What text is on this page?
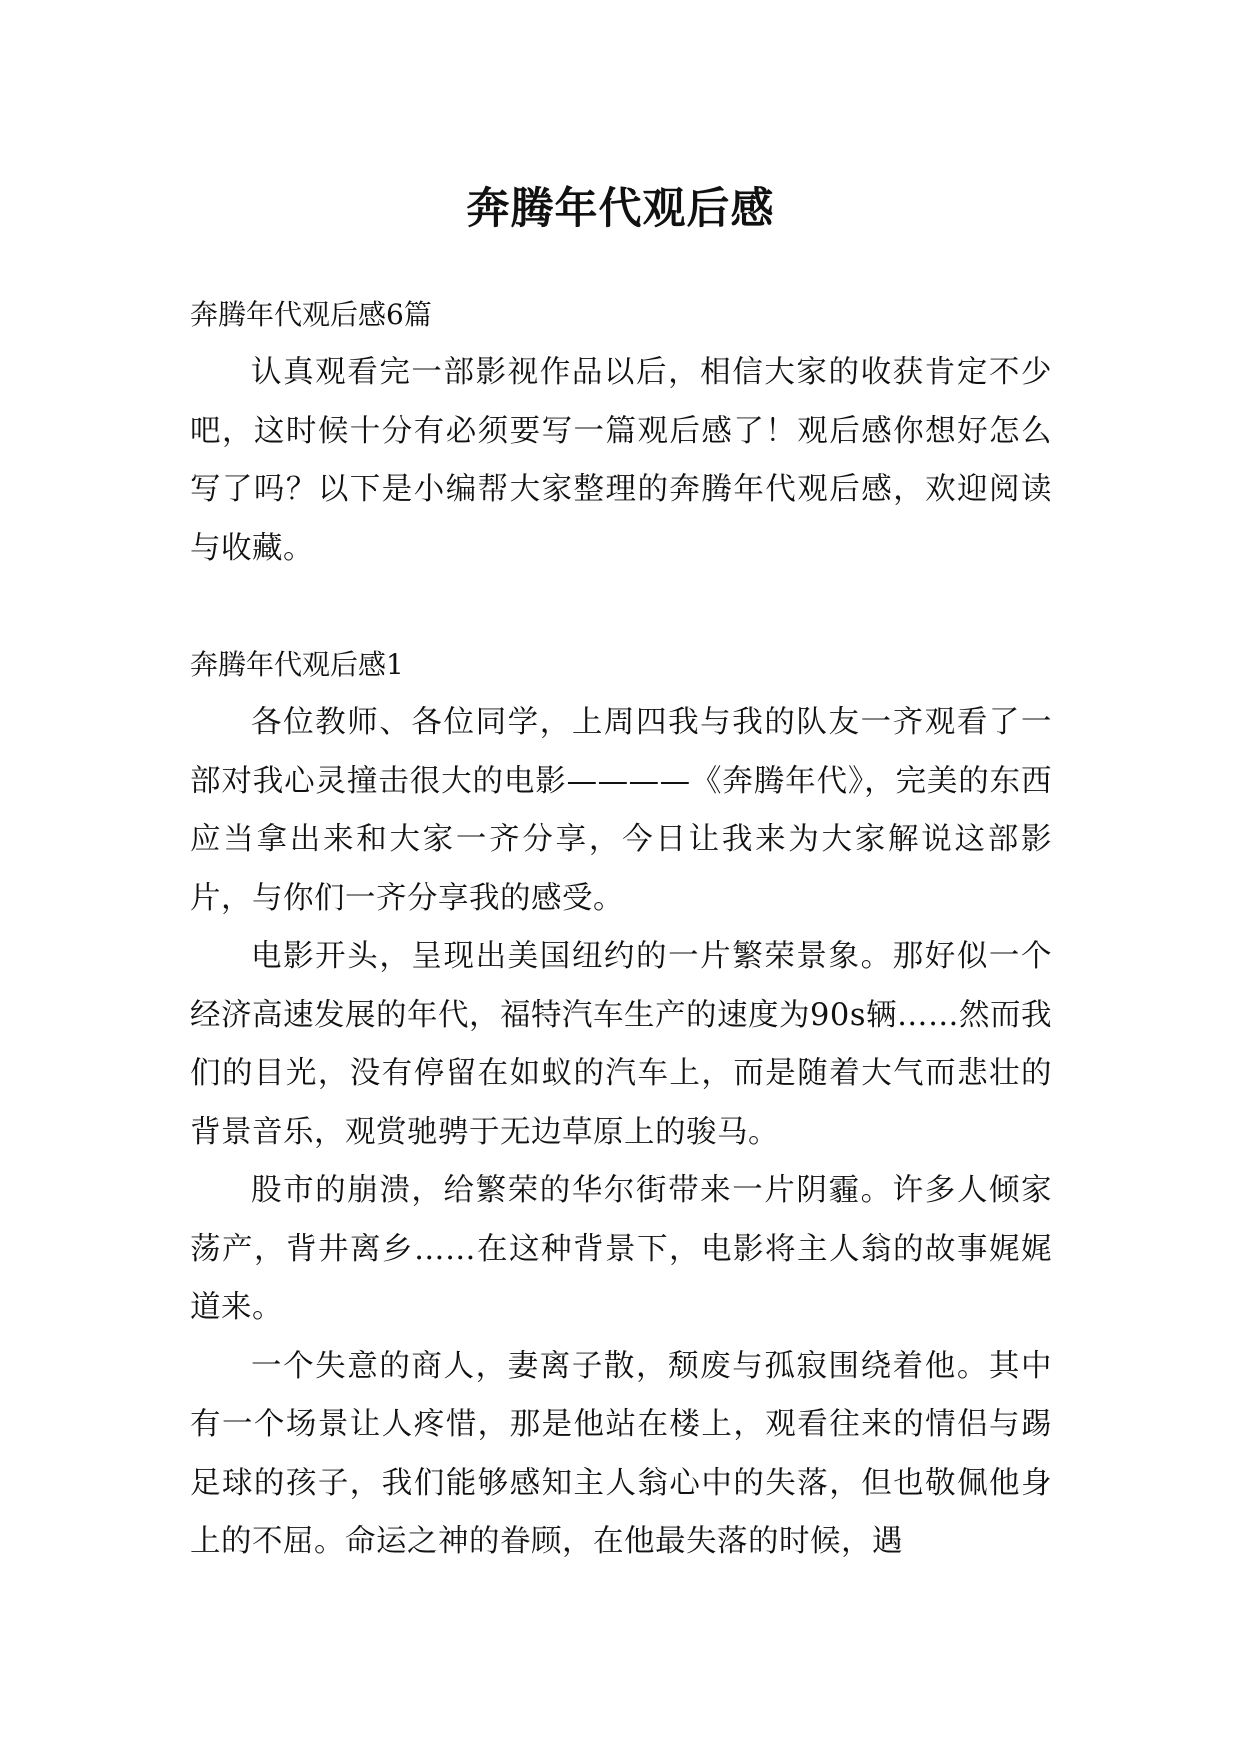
奔腾年代观后感

奔腾年代观后感6篇

认真观看完一部影视作品以后，相信大家的收获肯定不少吧，这时候十分有必须要写一篇观后感了！观后感你想好怎么写了吗？以下是小编帮大家整理的奔腾年代观后感，欢迎阅读与收藏。

奔腾年代观后感1

各位教师、各位同学，上周四我与我的队友一齐观看了一部对我心灵撞击很大的电影————《奔腾年代》，完美的东西应当拿出来和大家一齐分享，今日让我来为大家解说这部影片，与你们一齐分享我的感受。

电影开头，呈现出美国纽约的一片繁荣景象。那好似一个经济高速发展的年代，福特汽车生产的速度为90s辆……然而我们的目光，没有停留在如蚁的汽车上，而是随着大气而悲壮的背景音乐，观赏驰骋于无边草原上的骏马。

股市的崩溃，给繁荣的华尔街带来一片阴霾。许多人倾家荡产，背井离乡……在这种背景下，电影将主人翁的故事娓娓道来。

一个失意的商人，妻离子散，颓废与孤寂围绕着他。其中有一个场景让人疼惜，那是他站在楼上，观看往来的情侣与踢足球的孩子，我们能够感知主人翁心中的失落，但也敬佩他身上的不屈。命运之神的眷顾，在他最失落的时候，遇
